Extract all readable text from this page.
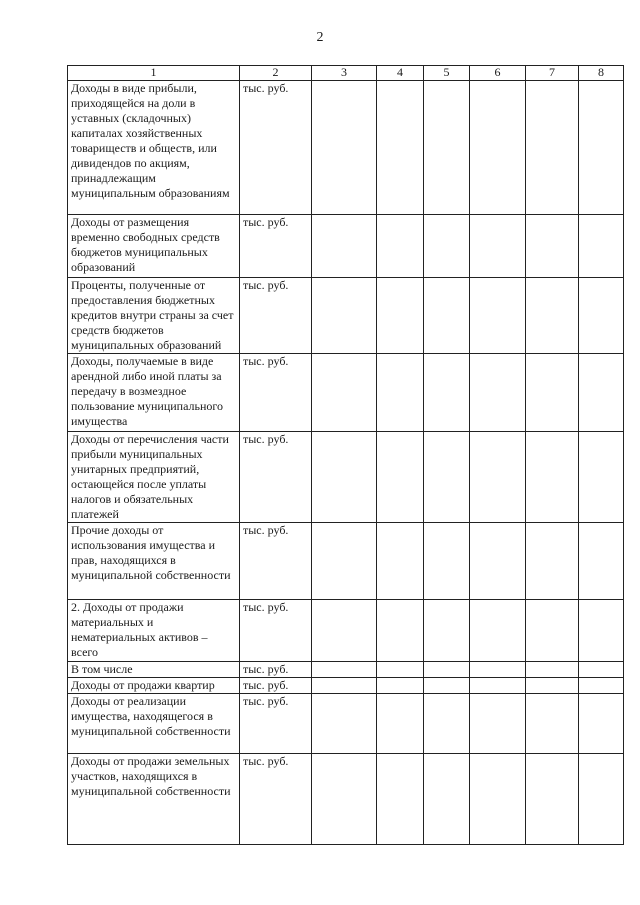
2
1	2	3	4	5	6	7	8
Доходы в виде прибыли, приходящейся на доли в уставных (складочных) капиталах хозяйственных товариществ и обществ, или дивидендов по акциям, принадлежащим муниципальным образованиям	тыс. руб.						
Доходы от размещения временно свободных средств бюджетов муниципальных образований	тыс. руб.						
Проценты, полученные от предоставления бюджетных кредитов внутри страны за счет средств бюджетов муниципальных образований	тыс. руб.						
Доходы, получаемые в виде арендной либо иной платы за передачу в возмездное пользование муниципального имущества	тыс. руб.						
Доходы от перечисления части прибыли муниципальных унитарных предприятий, остающейся после уплаты налогов и обязательных платежей	тыс. руб.						
Прочие доходы от использования имущества и прав, находящихся в муниципальной собственности	тыс. руб.						
2. Доходы от продажи материальных и нематериальных активов – всего	тыс. руб.						
В том числе	тыс. руб.						
Доходы от продажи квартир	тыс. руб.						
Доходы от реализации имущества, находящегося в муниципальной собственности	тыс. руб.						
Доходы от продажи земельных участков, находящихся в муниципальной собственности	тыс. руб.						
